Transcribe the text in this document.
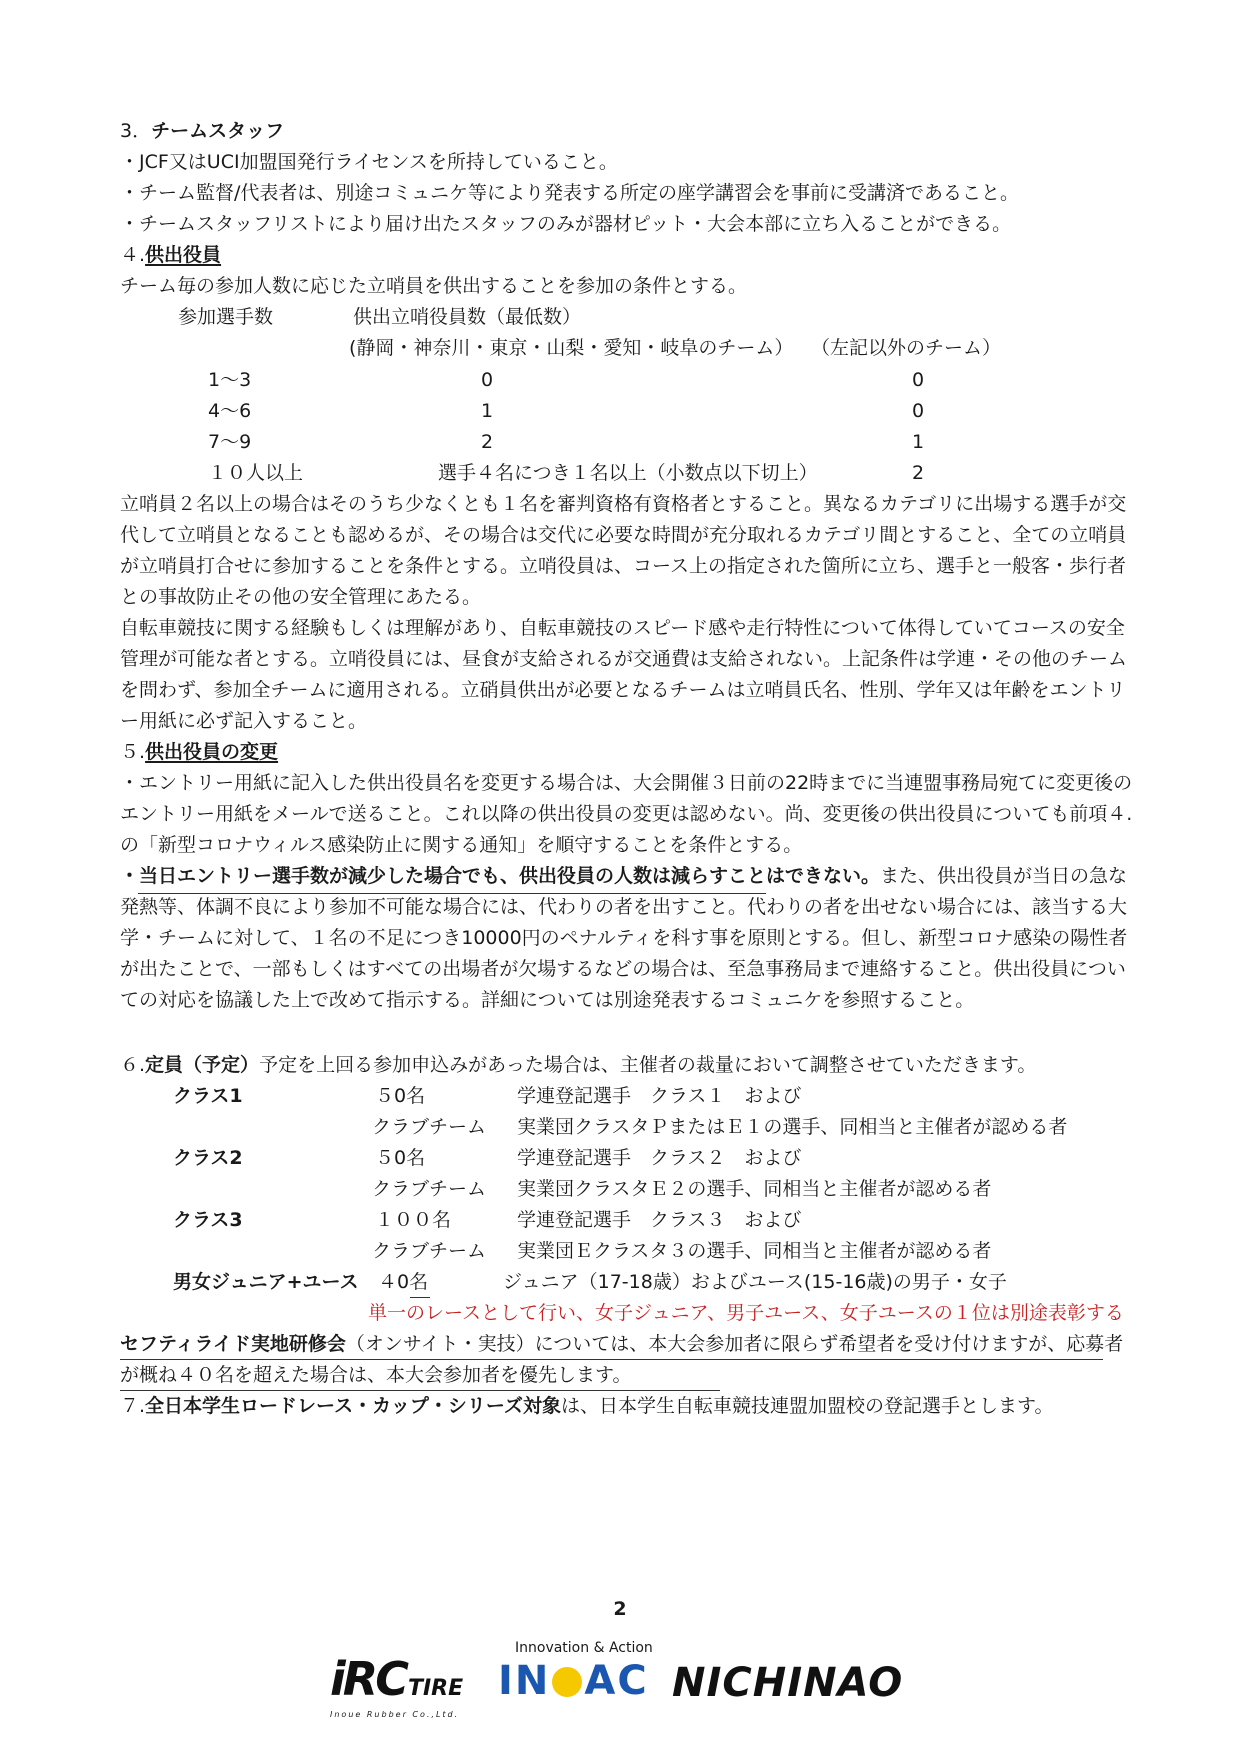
3．チームスタッフ
・JCF又はUCI加盟国発行ライセンスを所持していること。
・チーム監督/代表者は、別途コミュニケ等により発表する所定の座学講習会を事前に受講済であること。
・チームスタッフリストにより届け出たスタッフのみが器材ピット・大会本部に立ち入ることができる。
４.供出役員
チーム毎の参加人数に応じた立哨員を供出することを参加の条件とする。
参加選手数	供出立哨役員数（最低数）
(静岡・神奈川・東京・山梨・愛知・岐阜のチーム） （左記以外のチーム）
1～3	0	0
4～6	1	0
7～9	2	1
１０人以上	選手４名につき１名以上（小数点以下切上）	2
立哨員２名以上の場合はそのうち少なくとも１名を審判資格有資格者とすること。異なるカテゴリに出場する選手が交
代して立哨員となることも認めるが、その場合は交代に必要な時間が充分取れるカテゴリ間とすること、全ての立哨員
が立哨員打合せに参加することを条件とする。立哨役員は、コース上の指定された箇所に立ち、選手と一般客・歩行者
との事故防止その他の安全管理にあたる。
自転車競技に関する経験もしくは理解があり、自転車競技のスピード感や走行特性について体得していてコースの安全
管理が可能な者とする。立哨役員には、昼食が支給されるが交通費は支給されない。上記条件は学連・その他のチーム
を問わず、参加全チームに適用される。立硝員供出が必要となるチームは立哨員氏名、性別、学年又は年齢をエントリ
ー用紙に必ず記入すること。
５.供出役員の変更
・エントリー用紙に記入した供出役員名を変更する場合は、大会開催３日前の22時までに当連盟事務局宛てに変更後の
エントリー用紙をメールで送ること。これ以降の供出役員の変更は認めない。尚、変更後の供出役員についても前項４.
の「新型コロナウィルス感染防止に関する通知」を順守することを条件とする。
・当日エントリー選手数が減少した場合でも、供出役員の人数は減らすことはできない。また、供出役員が当日の急な
発熱等、体調不良により参加不可能な場合には、代わりの者を出すこと。代わりの者を出せない場合には、該当する大
学・チームに対して、１名の不足につき10000円のペナルティを科す事を原則とする。但し、新型コロナ感染の陽性者
が出たことで、一部もしくはすべての出場者が欠場するなどの場合は、至急事務局まで連絡すること。供出役員につい
ての対応を協議した上で改めて指示する。詳細については別途発表するコミュニケを参照すること。
６.定員（予定）予定を上回る参加申込みがあった場合は、主催者の裁量において調整させていただきます。
クラス1	５0名	学連登記選手　クラス１　および
クラブチーム 実業団クラスタＰまたはＥ１の選手、同相当と主催者が認める者
クラス2	５0名	学連登記選手　クラス２　および
クラブチーム 実業団クラスタＥ２の選手、同相当と主催者が認める者
クラス3	１００名	学連登記選手　クラス３　および
クラブチーム 実業団Ｅクラスタ３の選手、同相当と主催者が認める者
男女ジュニア+ユース ４0名	ジュニア（17-18歳）およびユース(15-16歳)の男子・女子
単一のレースとして行い、女子ジュニア、男子ユース、女子ユースの１位は別途表彰する
セフティライド実地研修会（オンサイト・実技）については、本大会参加者に限らず希望者を受け付けますが、応募者
が概ね４０名を超えた場合は、本大会参加者を優先します。
７.全日本学生ロードレース・カップ・シリーズ対象は、日本学生自転車競技連盟加盟校の登記選手とします。
2
iRCTIRE
Inoue Rubber Co.,Ltd.
Innovation & Action
IN AC NICHINAO
